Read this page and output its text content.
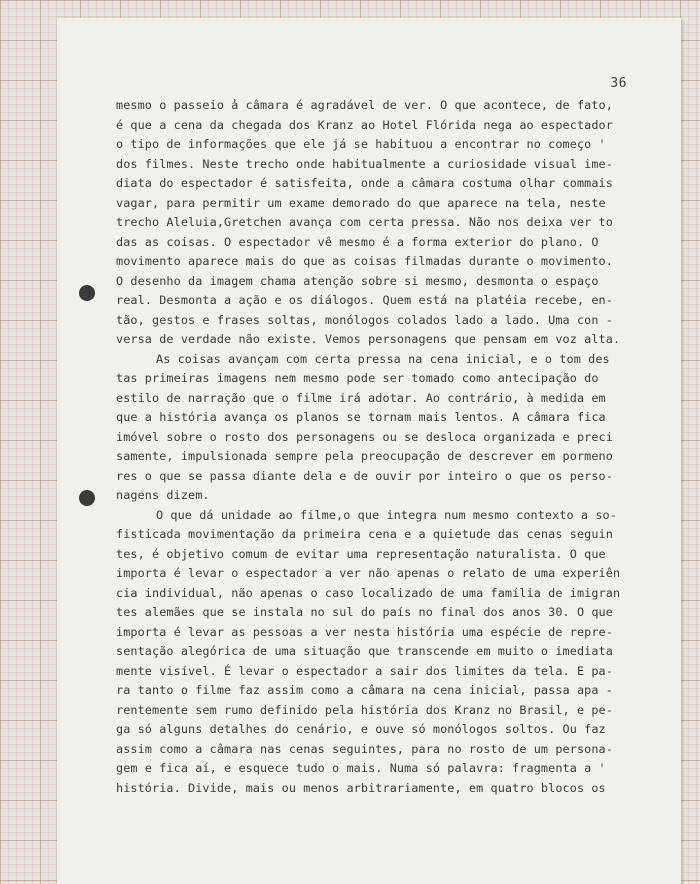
36
mesmo o passeio ̓a câmara é agradável de ver. O que acontece, de fato,
é que a cena da chegada dos Kranz ao Hotel Flórida nega ao espectador
o tipo de informações que ele já se habituou a encontrar no começo '
dos filmes. Neste trecho onde habitualmente a curiosidade visual ime-
diata do espectador é satisfeita, onde a câmara costuma olhar commais
vagar, para permitir um exame demorado do que aparece na tela, neste
trecho Aleluia,Gretchen avança com certa pressa. Não nos deixa ver to
das as coisas. O espectador vê mesmo é a forma exterior do plano. O
movimento aparece mais do que as coisas filmadas durante o movimento.
O desenho da imagem chama atenção sobre si mesmo, desmonta o espaço
real. Desmonta a ação e os diálogos. Quem está na platéia recebe, en-
tão, gestos e frases soltas, monólogos colados lado a lado. Uma con -
versa de verdade não existe. Vemos personagens que pensam em voz alta.
As coisas avançam com certa pressa na cena inicial, e o tom des
tas primeiras imagens nem mesmo pode ser tomado como antecipação do
estilo de narração que o filme irá adotar. Ao contrário, à medida em
que a história avança os planos se tornam mais lentos. A câmara fica
imóvel sobre o rosto dos personagens ou se desloca organizada e preci
samente, impulsionada sempre pela preocupação de descrever em pormeno
res o que se passa diante dela e de ouvir por inteiro o que os perso-
nagens dizem.
O que dá unidade ao filme,o que integra num mesmo contexto a so-
fisticada movimentação da primeira cena e a quietude das cenas seguin
tes, é objetivo comum de evitar uma representação naturalista. O que
importa é levar o espectador a ver não apenas o relato de uma experiên
cia individual, não apenas o caso localizado de uma família de imigran
tes alemães que se instala no sul do país no final dos anos 30. O que
importa é levar as pessoas a ver nesta história uma espécie de repre-
sentação alegórica de uma situação que transcende em muito o imediata
mente visível. É levar o espectador a sair dos limites da tela. E pa-
ra tanto o filme faz assim como a câmara na cena inicial, passa apa -
rentemente sem rumo definido pela história dos Kranz no Brasil, e pe-
ga só alguns detalhes do cenário, e ouve só monólogos soltos. Ou faz
assim como a câmara nas cenas seguintes, para no rosto de um persona-
gem e fica aí, e esquece tudo o mais. Numa só palavra: fragmenta a '
história. Divide, mais ou menos arbitrariamente, em quatro blocos os
